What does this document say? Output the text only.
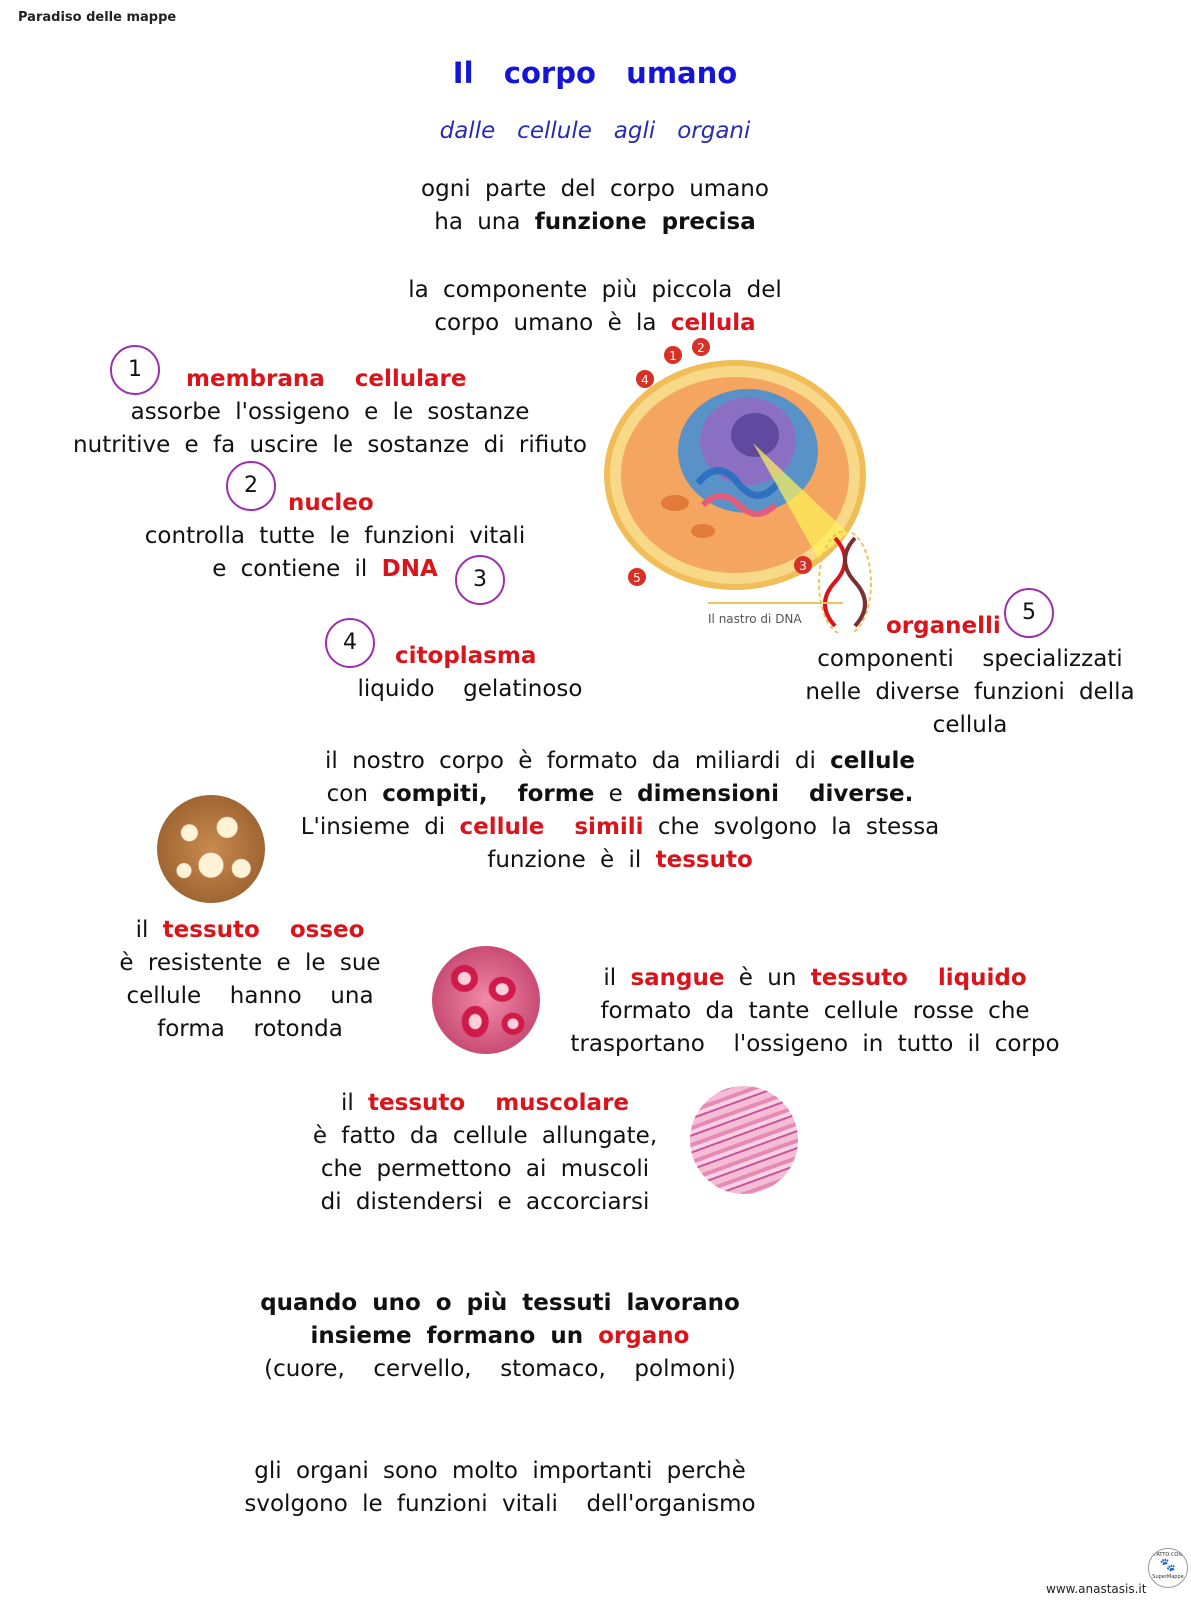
Paradiso delle mappe
Il   corpo   umano
dalle   cellule   agli   organi
ogni parte del corpo umano
ha una funzione precisa
la componente più piccola del
corpo umano è la cellula
1	membrana  cellulare
assorbe l'ossigeno e le sostanze
nutritive e fa uscire le sostanze di rifiuto
2
nucleo
controlla tutte le funzioni vitali
e contiene il DNA	3
4
citoplasma
liquido  gelatinoso
5
organelli
componenti  specializzati
nelle diverse funzioni della
cellula
1
2
3
4
5
Il nastro di DNA
il nostro corpo è formato da miliardi di cellule
con compiti,  forme e dimensioni  diverse.
L'insieme di cellule  simili che svolgono la stessa
funzione è il tessuto
il tessuto  osseo
è resistente e le sue
cellule  hanno  una
forma  rotonda
il sangue è un tessuto  liquido
formato da tante cellule rosse che
trasportano  l'ossigeno in tutto il corpo
il tessuto  muscolare
è fatto da cellule allungate,
che permettono ai muscoli
di distendersi e accorciarsi
quando uno o più tessuti lavorano
insieme formano un organo
(cuore,  cervello,  stomaco,  polmoni)
gli organi sono molto importanti perchè
svolgono le funzioni vitali  dell'organismo
www.anastasis.it
FATTO CON
🐾
SuperMappe
